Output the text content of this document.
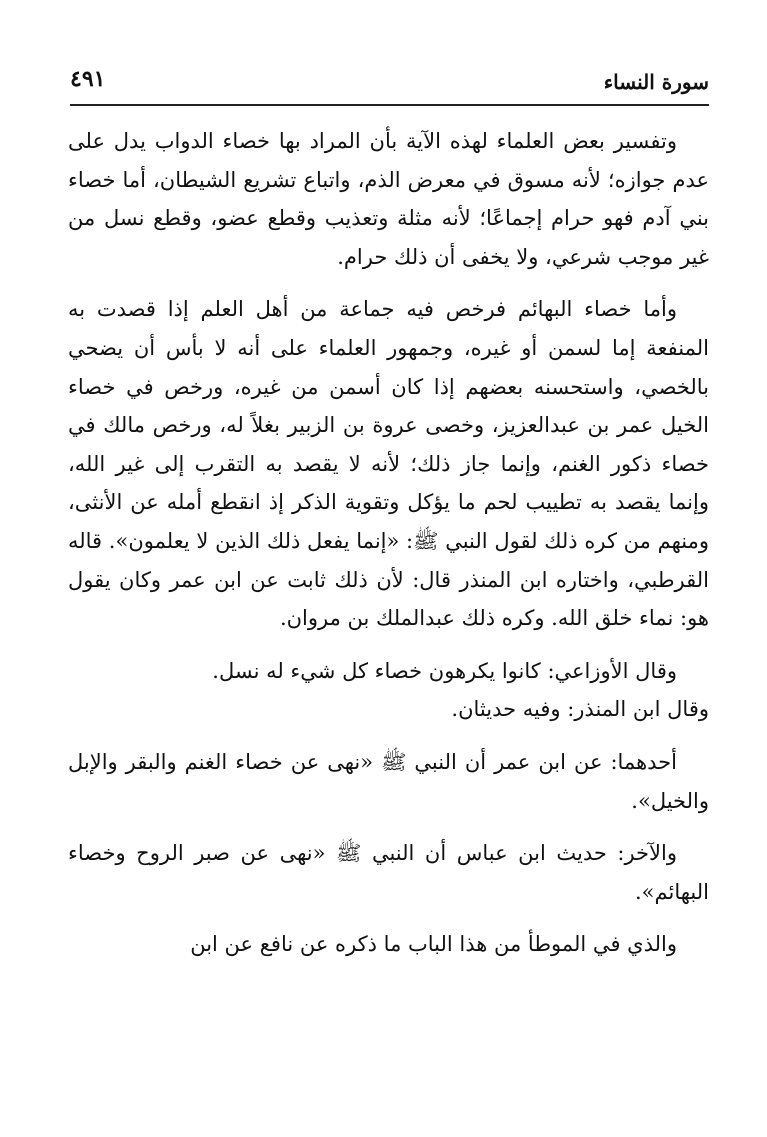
٤٩١	سورة النساء

وتفسير بعض العلماء لهذه الآية بأن المراد بها خصاء الدواب يدل على عدم جوازه؛ لأنه مسوق في معرض الذم، واتباع تشريع الشيطان، أما خصاء بني آدم فهو حرام إجماعًا؛ لأنه مثلة وتعذيب وقطع عضو، وقطع نسل من غير موجب شرعي، ولا يخفى أن ذلك حرام.

وأما خصاء البهائم فرخص فيه جماعة من أهل العلم إذا قصدت به المنفعة إما لسمن أو غيره، وجمهور العلماء على أنه لا بأس أن يضحي بالخصي، واستحسنه بعضهم إذا كان أسمن من غيره، ورخص في خصاء الخيل عمر بن عبدالعزيز، وخصى عروة بن الزبير بغلاً له، ورخص مالك في خصاء ذكور الغنم، وإنما جاز ذلك؛ لأنه لا يقصد به التقرب إلى غير الله، وإنما يقصد به تطييب لحم ما يؤكل وتقوية الذكر إذ انقطع أمله عن الأنثى، ومنهم من كره ذلك لقول النبي ﷺ: «إنما يفعل ذلك الذين لا يعلمون». قاله القرطبي، واختاره ابن المنذر قال: لأن ذلك ثابت عن ابن عمر وكان يقول هو: نماء خلق الله. وكره ذلك عبدالملك بن مروان.

وقال الأوزاعي: كانوا يكرهون خصاء كل شيء له نسل.

وقال ابن المنذر: وفيه حديثان.

أحدهما: عن ابن عمر أن النبي ﷺ «نهى عن خصاء الغنم والبقر والإبل والخيل».

والآخر: حديث ابن عباس أن النبي ﷺ «نهى عن صبر الروح وخصاء البهائم».

والذي في الموطأ من هذا الباب ما ذكره عن نافع عن ابن
